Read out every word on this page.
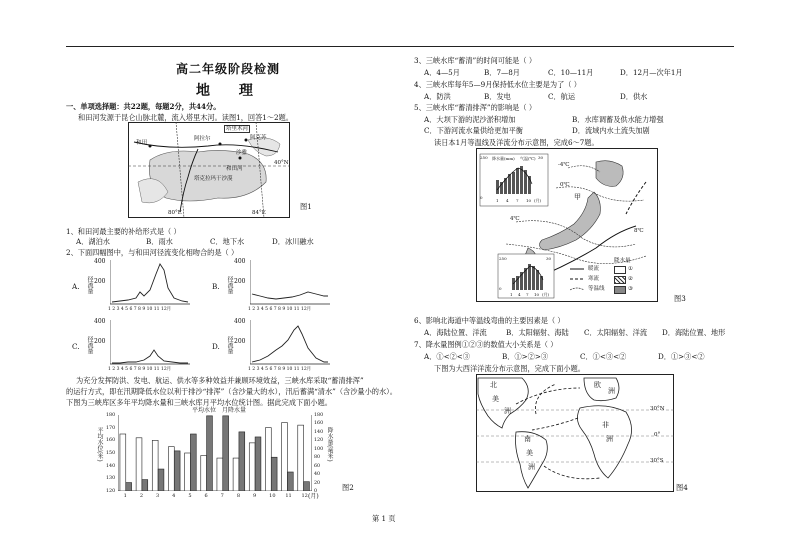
高二年级阶段检测
地 理
一、单项选择题：共22题，每题2分，共44分。
和田河发源于昆仑山脉北麓，流入塔里木河。读图1，回答1～2题。
塔里木河
和田
阿拉尔	阿克苏
沙雅
塔克拉玛干沙漠
和田河
80°E	84°E
40°N
图1
1、和田河最主要的补给形式是（ ）
A．湖泊水	B．雨水	C．地下水	D．冰川融水
2、下面四幅图中，与和田河径流变化相吻合的是（ ）
A. 径流量
400
200
1 2 3 4 5 6 7 8 9 10 11 12月
B. 径流量
400
200
1 2 3 4 5 6 7 8 9 10 11 12月
C. 径流量
400
200
1 2 3 4 5 6 7 8 9 10 11 12月
D. 径流量
400
200
1 2 3 4 5 6 7 8 9 10 11 12月
为充分发挥防洪、发电、航运、供水等多种效益并兼顾环境效益，三峡水库采取“蓄清排浑”
的运行方式，即在汛期降低水位以利于排沙“排浑”（含沙量大的水），汛后蓄满“清水”（含沙量小的水）。
下图为三峡库区多年平均降水量和三峡水库月平均水位统计图。据此完成下面小题。
平均水位　月降水量
平均水位(米)	降水量(毫米)
(月)
180
170
160
150
140
130
120
180
160
140
120
100
80
60
40
20
0
1	2	3	4	5	6	7	8	9	10 11 12
图2
第 1 页
3、三峡水库“蓄清”的时间可能是（ ）
A．4—5月	B．7—8月	C．10—11月	D．12月—次年1月
4、三峡水库每年5—9月保持低水位主要是为了（ ）
A．防洪	B．发电	C．航运	D．供水
5、三峡水库“蓄清排浑”的影响是（ ）
A．大坝下游的泥沙淤积增加	B．水库调蓄及供水能力增强
C．下游河流水量供给更加平衡	D．流域内水土流失加剧
读日本1月等温线及洋流分布示意图，完成6～7题。
250
0
降水量(mm) 气温(℃) 30
1 4 7 10 (月)
250
0
30
1 4 7 10 (月)
-4℃
0℃
4℃
8℃
甲
降水量
暖流
寒流
等温线
①
②
③
图3
6、影响北海道中等温线弯曲的主要因素是（ ）
A．海陆位置、洋流	B．太阳辐射、海陆 C．太阳辐射、洋流 D．海陆位置、地形
7、降水量图例①②③的数值大小关系是（ ）
A．①<②<③	B．①>②>③	C．①<③<②	D．①>③<②
下图为大西洋洋流分布示意图，完成下面小题。
北
美
洲
南
美
洲
欧
洲
非
洲
30°N
0°
30°S
图4
